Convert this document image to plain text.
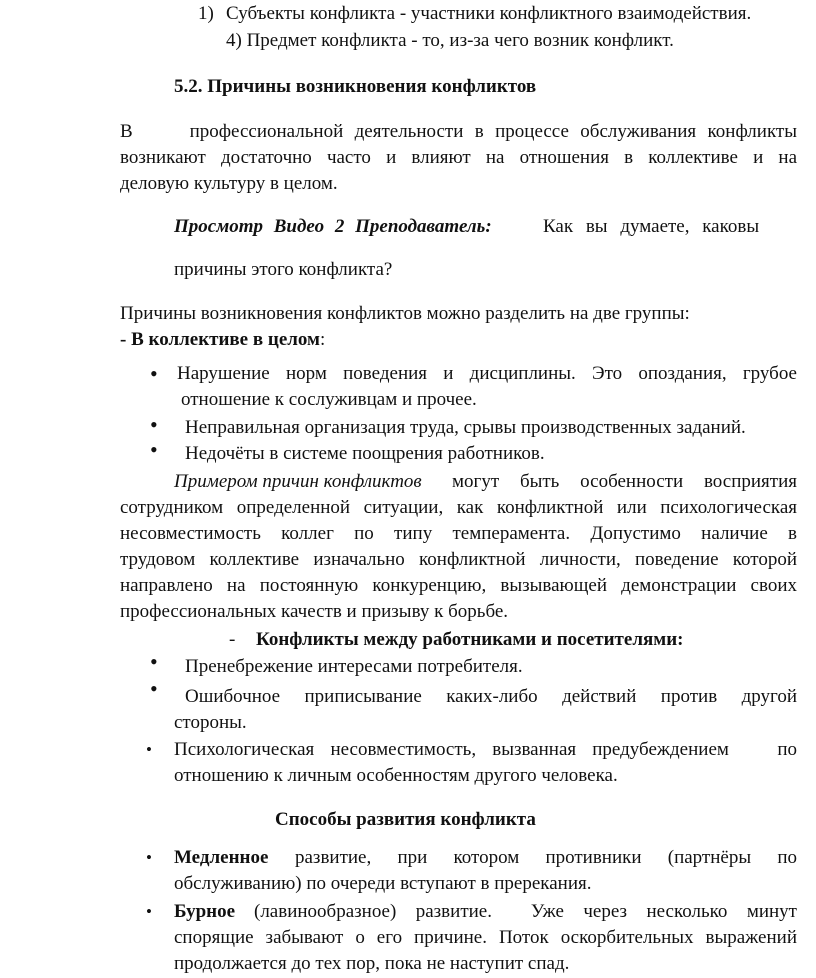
1) Субъекты конфликта - участники конфликтного взаимодействия.
4) Предмет конфликта - то, из-за чего возник конфликт.
5.2. Причины возникновения конфликтов
В     профессиональной деятельности в процессе обслуживания конфликты
возникают достаточно часто и влияют на отношения в коллективе и на
деловую культуру в целом.
Просмотр Видео 2 Преподаватель:	Как вы думаете, каковы
причины этого конфликта?
Причины возникновения конфликтов можно разделить на две группы:
- В коллективе в целом:
• Нарушение норм поведения и дисциплины. Это опоздания, грубое
отношение к сослуживцам и прочее.
• Неправильная организация труда, срывы производственных заданий.
• Недочёты в системе поощрения работников.
Примером причин конфликтов могут быть особенности восприятия
сотрудником определенной ситуации, как конфликтной или психологическая
несовместимость коллег по типу темперамента. Допустимо наличие в
трудовом коллективе изначально конфликтной личности, поведение которой
направлено на постоянную конкуренцию, вызывающей демонстрации своих
профессиональных качеств и призыву к борьбе.
- Конфликты между работниками и посетителями:
• Пренебрежение интересами потребителя.
• Ошибочное приписывание каких-либо действий против другой
стороны.
• Психологическая несовместимость, вызванная предубеждением   по
отношению к личным особенностям другого человека.
Способы развития конфликта
• Медленное развитие, при котором противники (партнёры по
обслуживанию) по очереди вступают в пререкания.
• Бурное (лавинообразное) развитие.  Уже через несколько минут
спорящие забывают о его причине. Поток оскорбительных выражений
продолжается до тех пор, пока не наступит спад.
